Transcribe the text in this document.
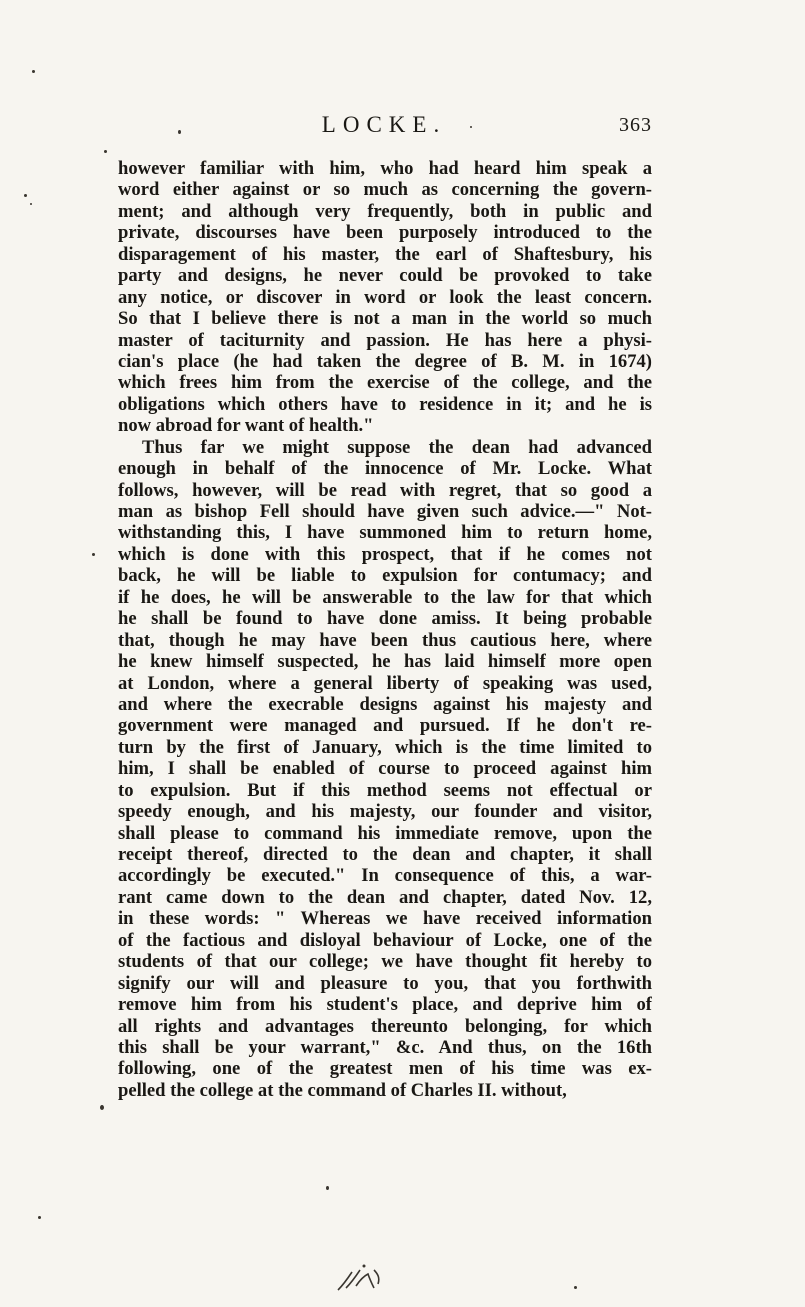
LOCKE.	363
however familiar with him, who had heard him speak a
word either against or so much as concerning the govern-
ment; and although very frequently, both in public and
private, discourses have been purposely introduced to the
disparagement of his master, the earl of Shaftesbury, his
party and designs, he never could be provoked to take
any notice, or discover in word or look the least concern.
So that I believe there is not a man in the world so much
master of taciturnity and passion. He has here a physi-
cian's place (he had taken the degree of B. M. in 1674)
which frees him from the exercise of the college, and the
obligations which others have to residence in it; and he is
now abroad for want of health."
Thus far we might suppose the dean had advanced
enough in behalf of the innocence of Mr. Locke. What
follows, however, will be read with regret, that so good a
man as bishop Fell should have given such advice.—" Not-
withstanding this, I have summoned him to return home,
which is done with this prospect, that if he comes not
back, he will be liable to expulsion for contumacy; and
if he does, he will be answerable to the law for that which
he shall be found to have done amiss. It being probable
that, though he may have been thus cautious here, where
he knew himself suspected, he has laid himself more open
at London, where a general liberty of speaking was used,
and where the execrable designs against his majesty and
government were managed and pursued. If he don't re-
turn by the first of January, which is the time limited to
him, I shall be enabled of course to proceed against him
to expulsion. But if this method seems not effectual or
speedy enough, and his majesty, our founder and visitor,
shall please to command his immediate remove, upon the
receipt thereof, directed to the dean and chapter, it shall
accordingly be executed." In consequence of this, a war-
rant came down to the dean and chapter, dated Nov. 12,
in these words: " Whereas we have received information
of the factious and disloyal behaviour of Locke, one of the
students of that our college; we have thought fit hereby to
signify our will and pleasure to you, that you forthwith
remove him from his student's place, and deprive him of
all rights and advantages thereunto belonging, for which
this shall be your warrant," &c. And thus, on the 16th
following, one of the greatest men of his time was ex-
pelled the college at the command of Charles II. without,
